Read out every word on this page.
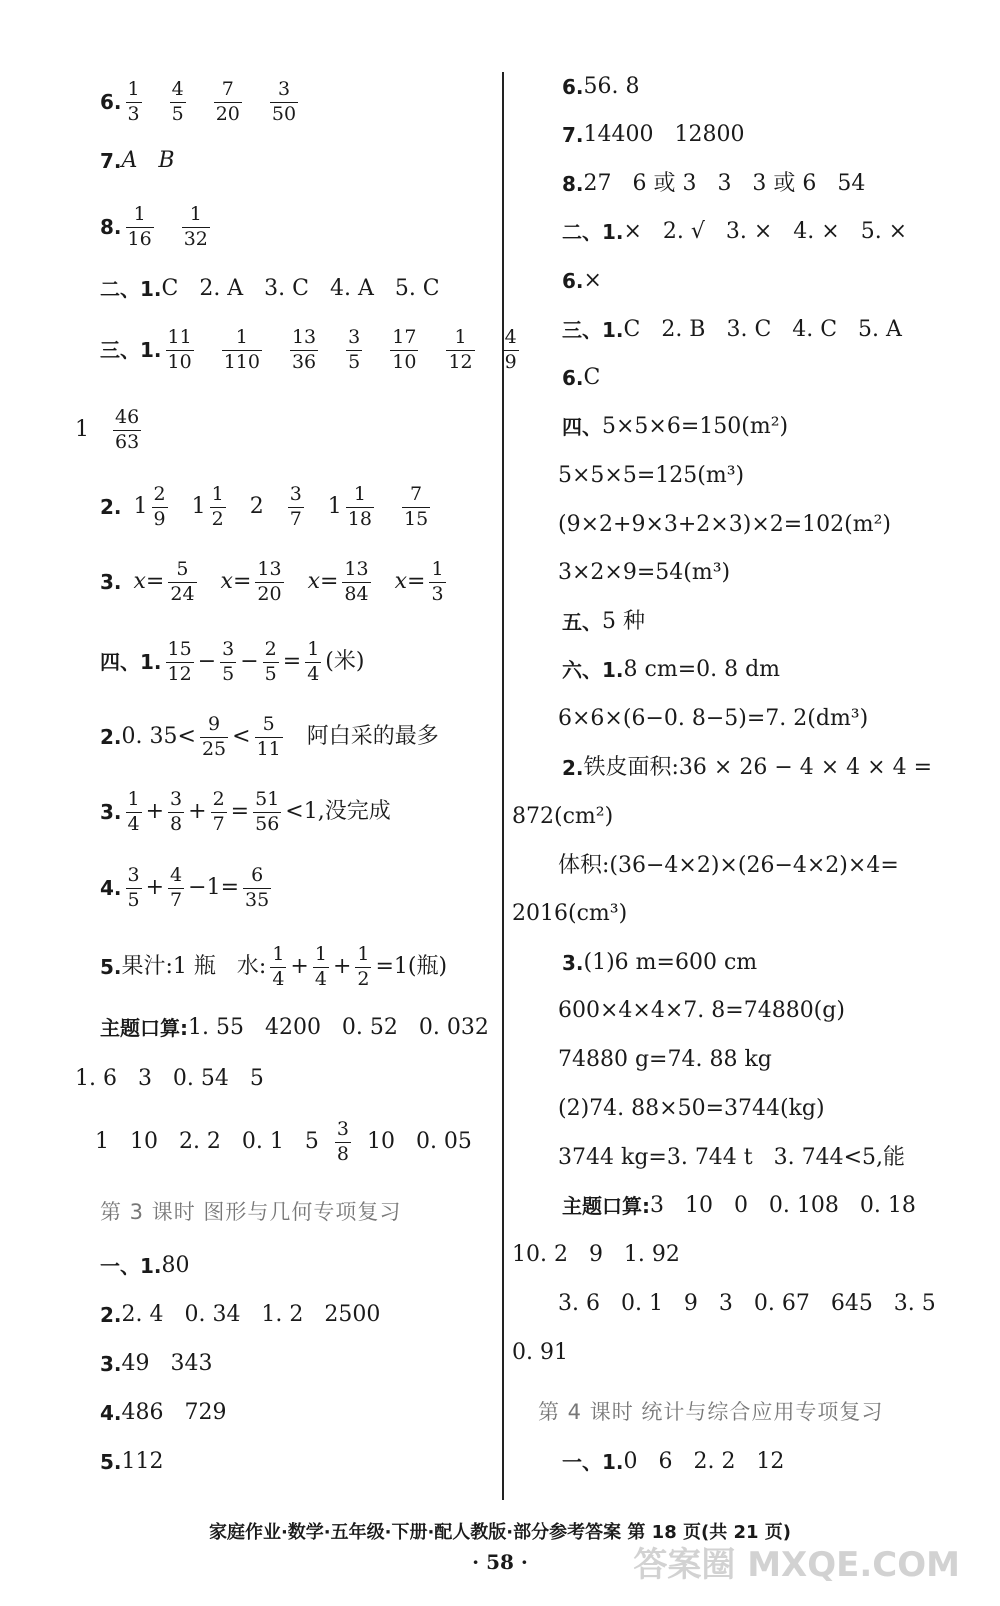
6. $\frac{1}{3} \frac{4}{5} \frac{7}{20} \frac{3}{50}$
7. A   B
8. $\frac{1}{16} \frac{1}{32}$
二、1. C   2. A   3. C   4. A   5. C
三、1. $\frac{11}{10} \frac{1}{110} \frac{13}{36} \frac{3}{5} \frac{17}{10} \frac{1}{12} \frac{4}{9}$
$1 \frac{46}{63}$
2. $1 \frac{2}{9} 1 \frac{1}{2} 2 \frac{3}{7} 1 \frac{1}{18} \frac{7}{15}$
3. $x= \frac{5}{24} x= \frac{13}{20} x= \frac{13}{84} x= \frac{1}{3}$
四、1. $\frac{15}{12} - \frac{3}{5} - \frac{2}{5} = \frac{1}{4}$ (米)
2. 0. $35< \frac{9}{25} < \frac{5}{11}$ 阿白采的最多
3. $\frac{1}{4} + \frac{3}{8} + \frac{2}{7} = \frac{51}{56} <1$,没完成
4. $\frac{3}{5} + \frac{4}{7} -1= \frac{6}{35}$
5. 果汁:1 瓶   水: $\frac{1}{4} + \frac{1}{4} + \frac{1}{2} =1$(瓶)
主题口算: 1. 55   4200   0. 52   0. 032
1. 6   3   0. 54   5
1   10   2. 2   0. 1   $5 \frac{3}{8} 10$   0. 05
第 3 课时 图形与几何专项复习
一、1. 80
2. 2. 4   0. 34   1. 2   2500
3. 49   343
4. 486   729
5. 112
6. 56. 8
7. 14400   12800
8. 27   6 或 3   3   3 或 6   54
二、1. ×   2. √   3. ×   4. ×   5. ×
6. ×
三、1. C   2. B   3. C   4. C   5. A
6. C
四、 5×5×6=150(m²)
5×5×5=125(m³)
(9×2+9×3+2×3)×2=102(m²)
3×2×9=54(m³)
五、 5 种
六、1. 8 cm=0. 8 dm
6×6×(6−0. 8−5)=7. 2(dm³)
2. 铁皮面积:36 × 26 − 4 × 4 × 4 =
872(cm²)
体积:(36−4×2)×(26−4×2)×4=
2016(cm³)
3. (1)6 m=600 cm
600×4×4×7. 8=74880(g)
74880 g=74. 88 kg
(2)74. 88×50=3744(kg)
3744 kg=3. 744 t   3. 744<5,能
主题口算: 3   10   0   0. 108   0. 18
10. 2   9   1. 92
3. 6   0. 1   9   3   0. 67   645   3. 5
0. 91
第 4 课时 统计与综合应用专项复习
一、1. 0   6   2. 2   12
家庭作业·数学·五年级·下册·配人教版·部分参考答案 第 18 页(共 21 页)
· 58 ·	答案圈 MXQE.COM
